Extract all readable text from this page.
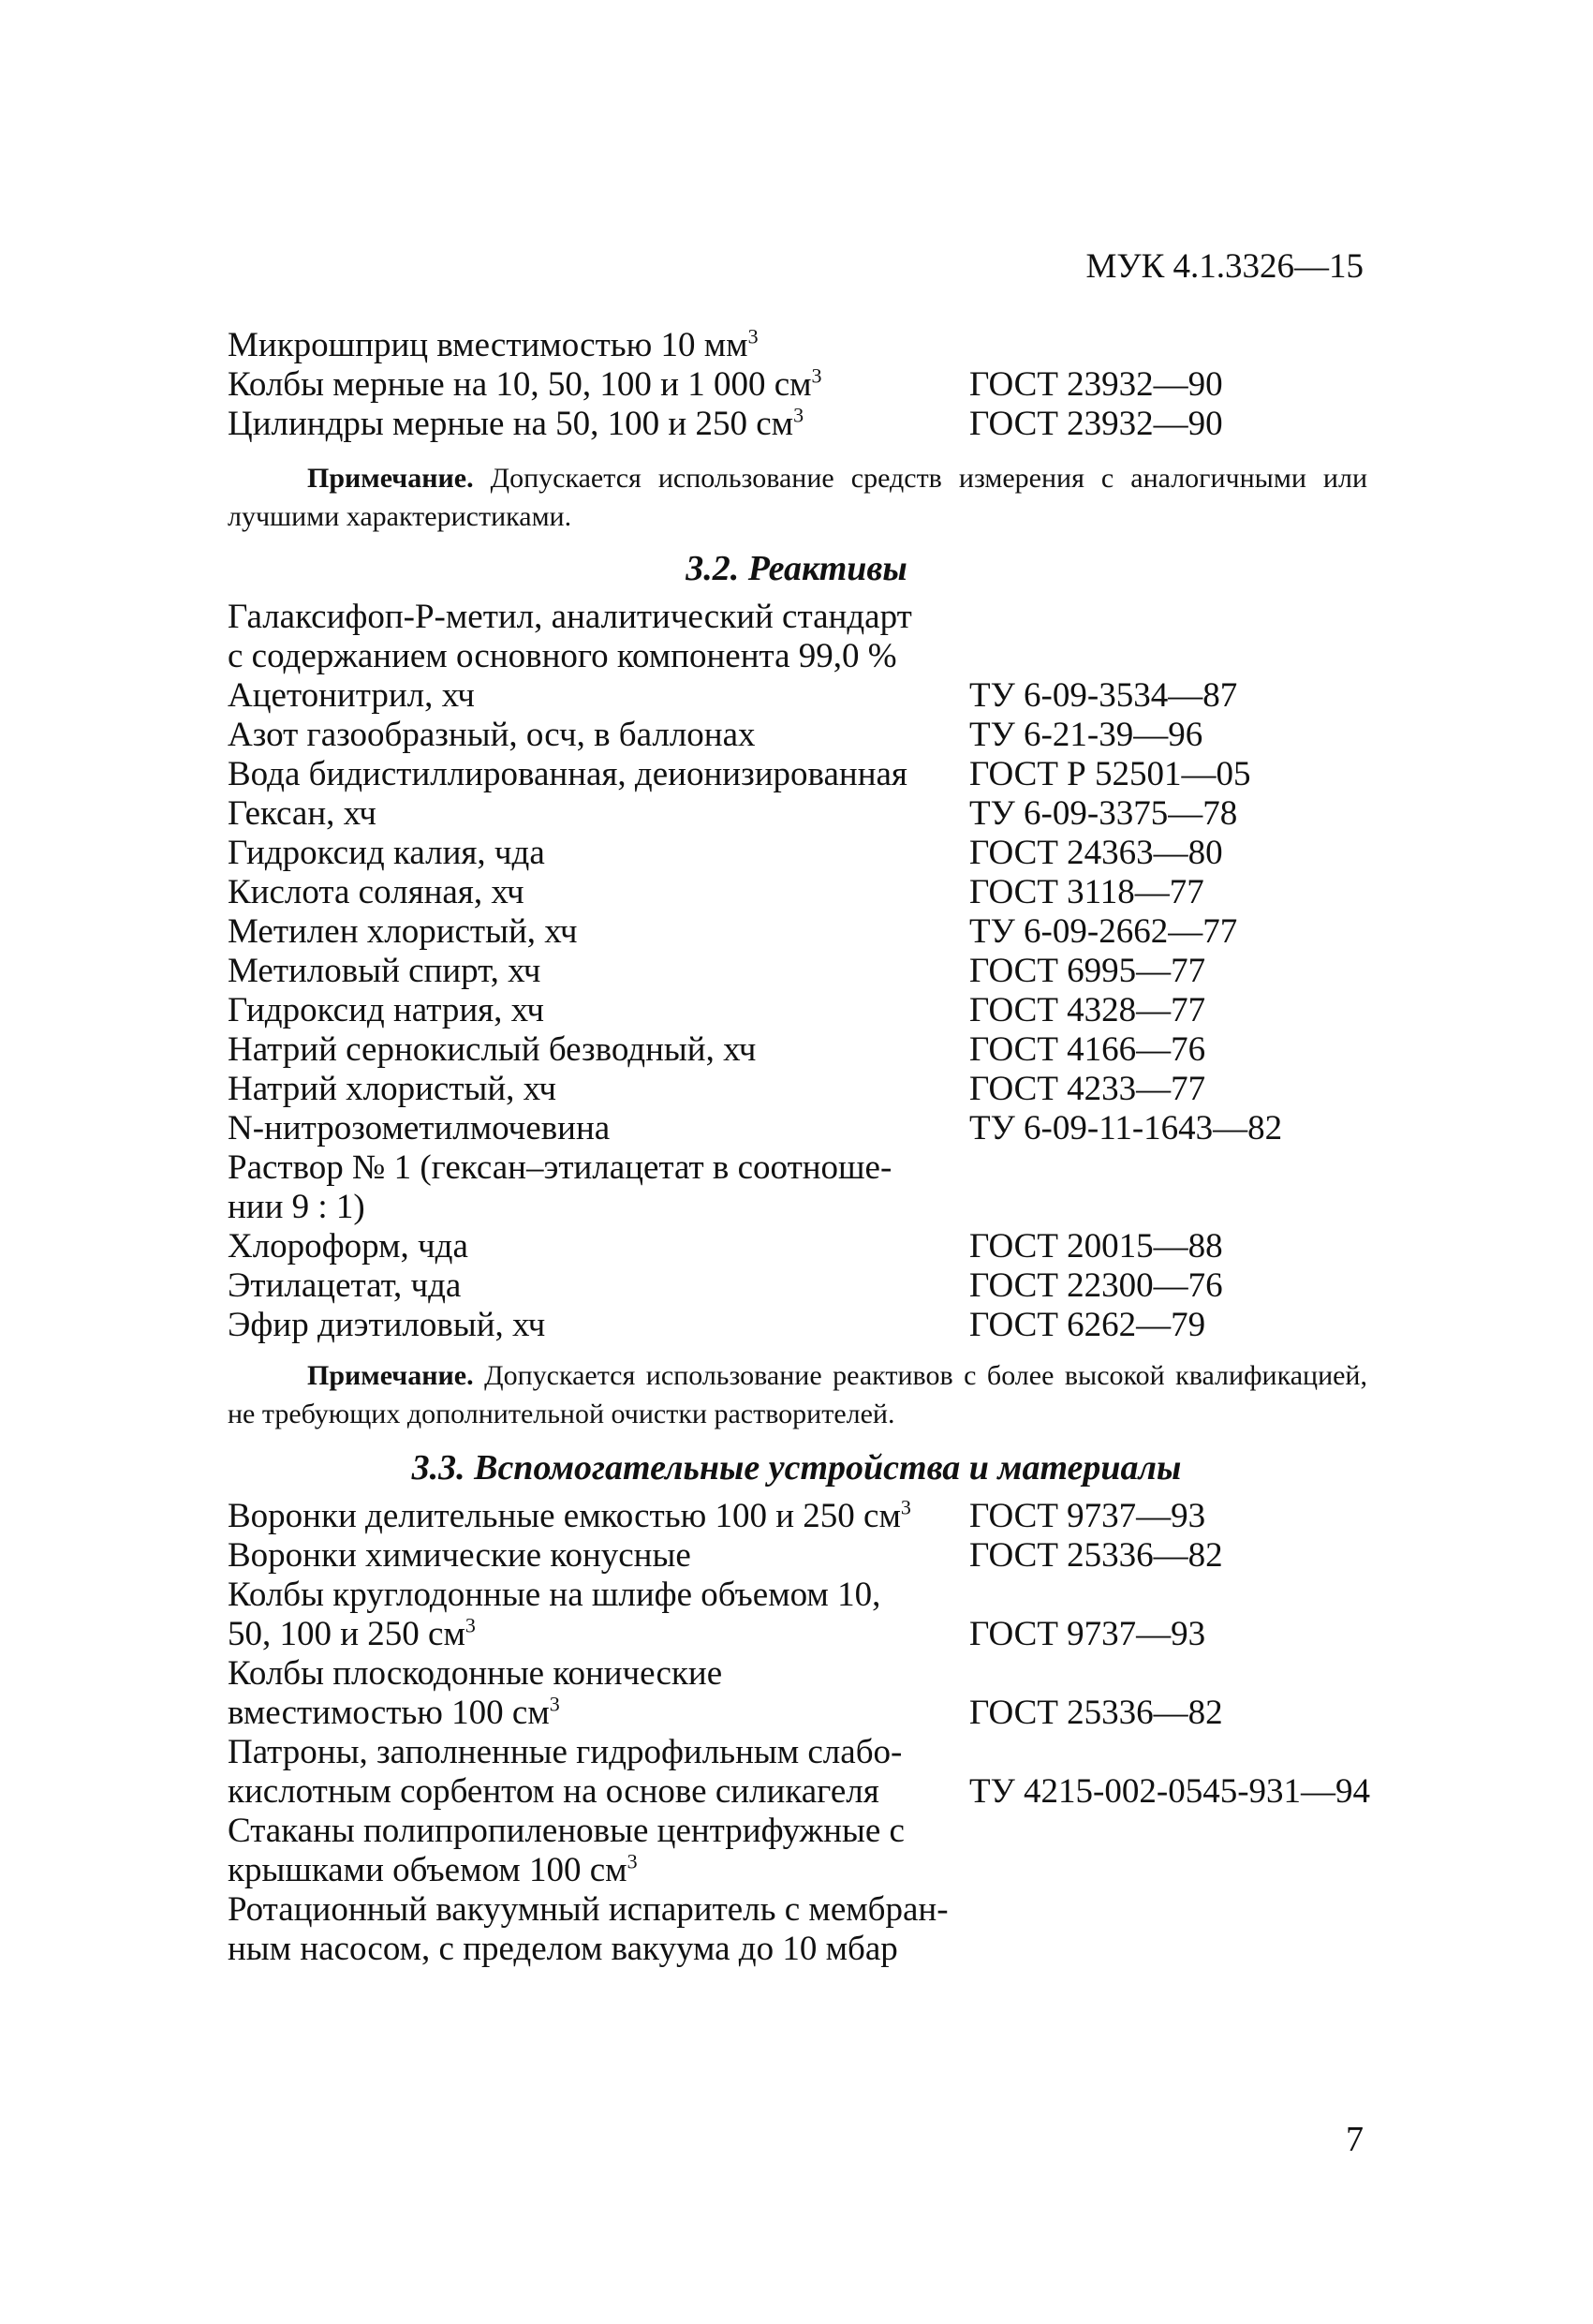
МУК 4.1.3326—15
Микрошприц вместимостью 10 $мм^3$
Колбы мерные на 10, 50, 100 и 1 000 $см^3$	ГОСТ 23932—90
Цилиндры мерные на 50, 100 и 250 $см^3$	ГОСТ 23932—90
Примечание. Допускается использование средств измерения с аналогичными или лучшими характеристиками.
3.2. Реактивы
Галаксифоп-Р-метил, аналитический стандарт
с содержанием основного компонента 99,0 %
Ацетонитрил, хч	ТУ 6-09-3534—87
Азот газообразный, осч, в баллонах	ТУ 6-21-39—96
Вода бидистиллированная, деионизированная	ГОСТ Р 52501—05
Гексан, хч	ТУ 6-09-3375—78
Гидроксид калия, чда	ГОСТ 24363—80
Кислота соляная, хч	ГОСТ 3118—77
Метилен хлористый, хч	ТУ 6-09-2662—77
Метиловый спирт, хч	ГОСТ 6995—77
Гидроксид натрия, хч	ГОСТ 4328—77
Натрий сернокислый безводный, хч	ГОСТ 4166—76
Натрий хлористый, хч	ГОСТ 4233—77
N-нитрозометилмочевина	ТУ 6-09-11-1643—82
Раствор № 1 (гексан–этилацетат в соотноше-
нии 9 : 1)
Хлороформ, чда	ГОСТ 20015—88
Этилацетат, чда	ГОСТ 22300—76
Эфир диэтиловый, хч	ГОСТ 6262—79
Примечание. Допускается использование реактивов с более высокой квалификацией, не требующих дополнительной очистки растворителей.
3.3. Вспомогательные устройства и материалы
Воронки делительные емкостью 100 и 250 $см^3$	ГОСТ 9737—93
Воронки химические конусные	ГОСТ 25336—82
Колбы круглодонные на шлифе объемом 10,
50, 100 и 250 $см^3$	ГОСТ 9737—93
Колбы плоскодонные конические
вместимостью 100 $см^3$	ГОСТ 25336—82
Патроны, заполненные гидрофильным слабо-
кислотным сорбентом на основе силикагеля	ТУ 4215-002-0545-931—94
Стаканы полипропиленовые центрифужные с
крышками объемом 100 $см^3$
Ротационный вакуумный испаритель с мембран-
ным насосом, с пределом вакуума до 10 мбар
7
